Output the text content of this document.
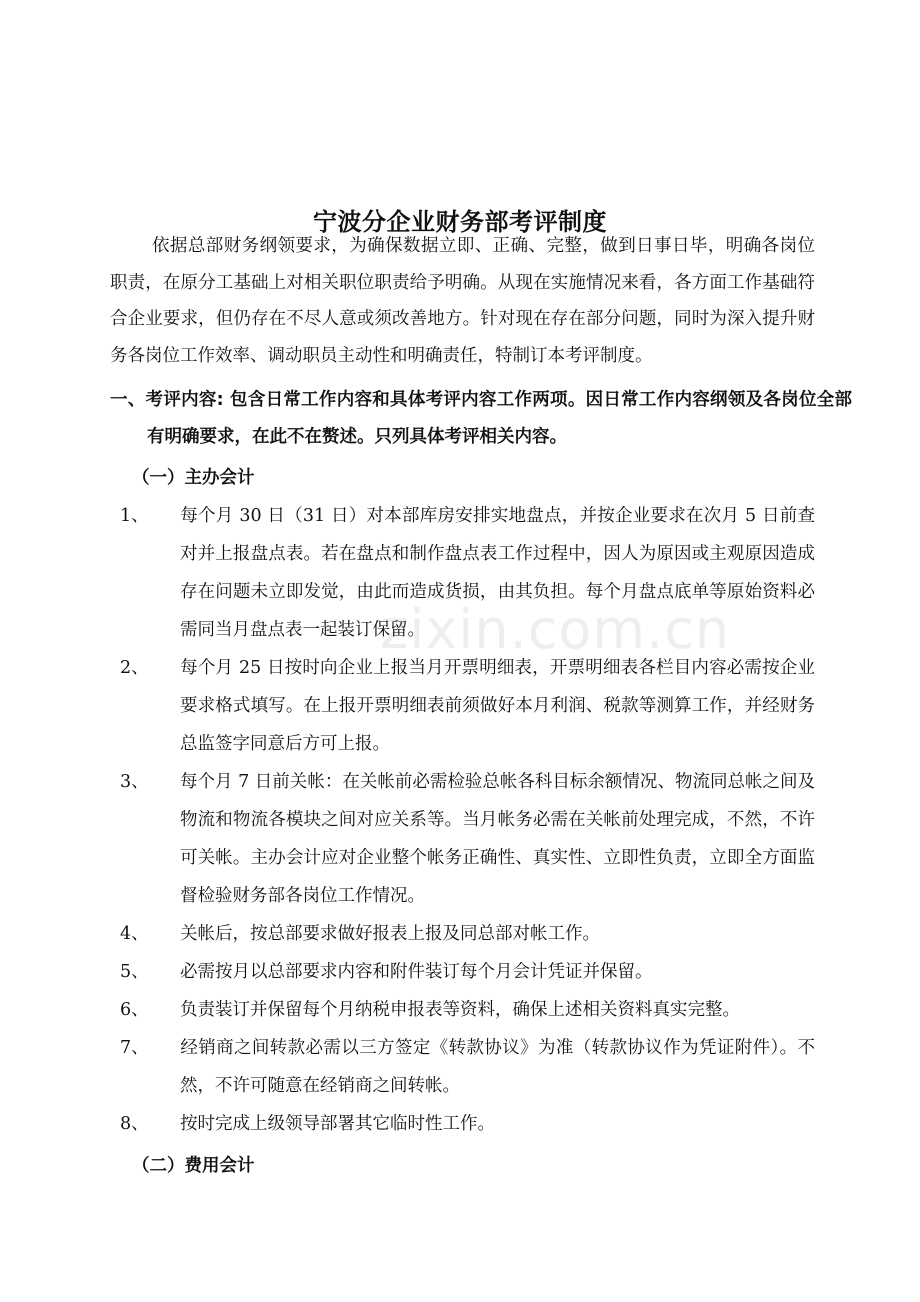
zixin.com.cn
宁波分企业财务部考评制度

依据总部财务纲领要求，为确保数据立即、正确、完整，做到日事日毕，明确各岗位职责，在原分工基础上对相关职位职责给予明确。从现在实施情况来看，各方面工作基础符合企业要求，但仍存在不尽人意或须改善地方。针对现在存在部分问题，同时为深入提升财务各岗位工作效率、调动职员主动性和明确责任，特制订本考评制度。

一、考评内容: 包含日常工作内容和具体考评内容工作两项。因日常工作内容纲领及各岗位全部有明确要求，在此不在赘述。只列具体考评相关内容。

（一）主办会计

1、 每个月 30 日（31 日）对本部库房安排实地盘点，并按企业要求在次月 5 日前查对并上报盘点表。若在盘点和制作盘点表工作过程中，因人为原因或主观原因造成存在问题未立即发觉，由此而造成货损，由其负担。每个月盘点底单等原始资料必需同当月盘点表一起装订保留。
2、 每个月 25 日按时向企业上报当月开票明细表，开票明细表各栏目内容必需按企业要求格式填写。在上报开票明细表前须做好本月利润、税款等测算工作，并经财务总监签字同意后方可上报。
3、 每个月 7 日前关帐：在关帐前必需检验总帐各科目标余额情况、物流同总帐之间及物流和物流各模块之间对应关系等。当月帐务必需在关帐前处理完成，不然，不许可关帐。主办会计应对企业整个帐务正确性、真实性、立即性负责，立即全方面监督检验财务部各岗位工作情况。
4、 关帐后，按总部要求做好报表上报及同总部对帐工作。
5、 必需按月以总部要求内容和附件装订每个月会计凭证并保留。
6、 负责装订并保留每个月纳税申报表等资料，确保上述相关资料真实完整。
7、 经销商之间转款必需以三方签定《转款协议》为准（转款协议作为凭证附件）。不然，不许可随意在经销商之间转帐。
8、 按时完成上级领导部署其它临时性工作。

（二）费用会计
